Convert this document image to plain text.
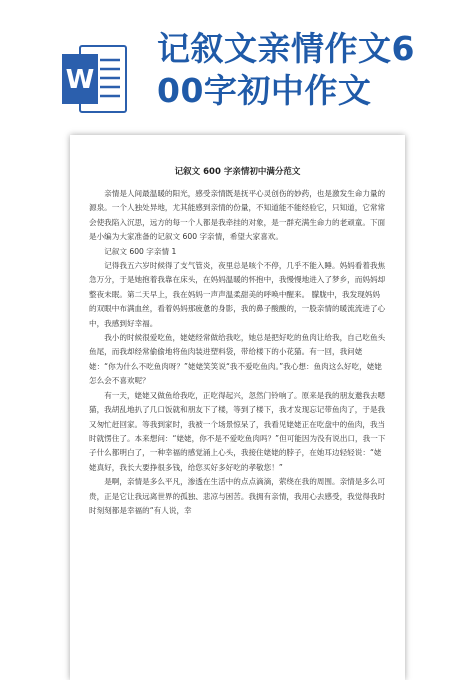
W
记叙文亲情作文6
00字初中作文
记叙文 600 字亲情初中满分范文

亲情是人间最温暖的阳光，感受亲情既是抚平心灵创伤的妙药，也是激发生命力量的源泉。一个人独处异地，尤其能感到亲情的份量，不知道能不能经验它，只知道，它常常会使我陷入沉思，远方的每一个人都是我牵挂的对象，是一群充满生命力的老顽童。下面是小编为大家准备的记叙文 600 字亲情，希望大家喜欢。

记叙文 600 字亲情 1

记得我五六岁时候得了支气管炎，夜里总是咳个不停，几乎不能入睡。妈妈看着我焦急万分，于是她抱着我靠在床头，在妈妈温暖的怀抱中，我慢慢地进入了梦乡，而妈妈却整夜未眠。第二天早上，我在妈妈一声声温柔甜美的呼唤中醒来。 朦胧中，我发现妈妈的双眼中布满血丝，看着妈妈那疲惫的身影，我的鼻子酸酸的，一股亲情的暖流流进了心中，我感到好幸福。

我小的时候很爱吃鱼，姥姥经常做给我吃，她总是把好吃的鱼肉让给我，自己吃鱼头鱼尾，而我却经常偷偷地将鱼肉装进塑料袋，带给楼下的小花猫。有一回，我问姥姥：“你为什么不吃鱼肉呀？”姥姥笑笑说“我不爱吃鱼肉。”我心想：鱼肉这么好吃，姥姥怎么会不喜欢呢？

有一天，姥姥又做鱼给我吃，正吃得起兴，忽然门铃响了。原来是我的朋友邀我去嗯猫，我胡乱地扒了几口饭就和朋友下了楼，等到了楼下，我才发现忘记带鱼肉了，于是我又匆忙赶回家。等我到家时，我被一个场景惊呆了，我看见姥姥正在吃盘中的鱼肉，我当时就愣住了。本来想问：“姥姥，你不是不爱吃鱼肉吗？”但可能因为没有说出口，我一下子什么都明白了，一种幸福的感觉涌上心头，我接住姥姥的脖子，在她耳边轻轻说：“姥姥真好，我长大要挣很多钱，给您买好多好吃的孝敬您！”

是啊，亲情是多么平凡，渗透在生活中的点点滴滴，萦绕在我的周围。亲情是多么可贵，正是它让我远离世界的孤独、悲凉与困苦。我拥有亲情，我用心去感受，我觉得我时时刻刻都是幸福的“有人说，幸
